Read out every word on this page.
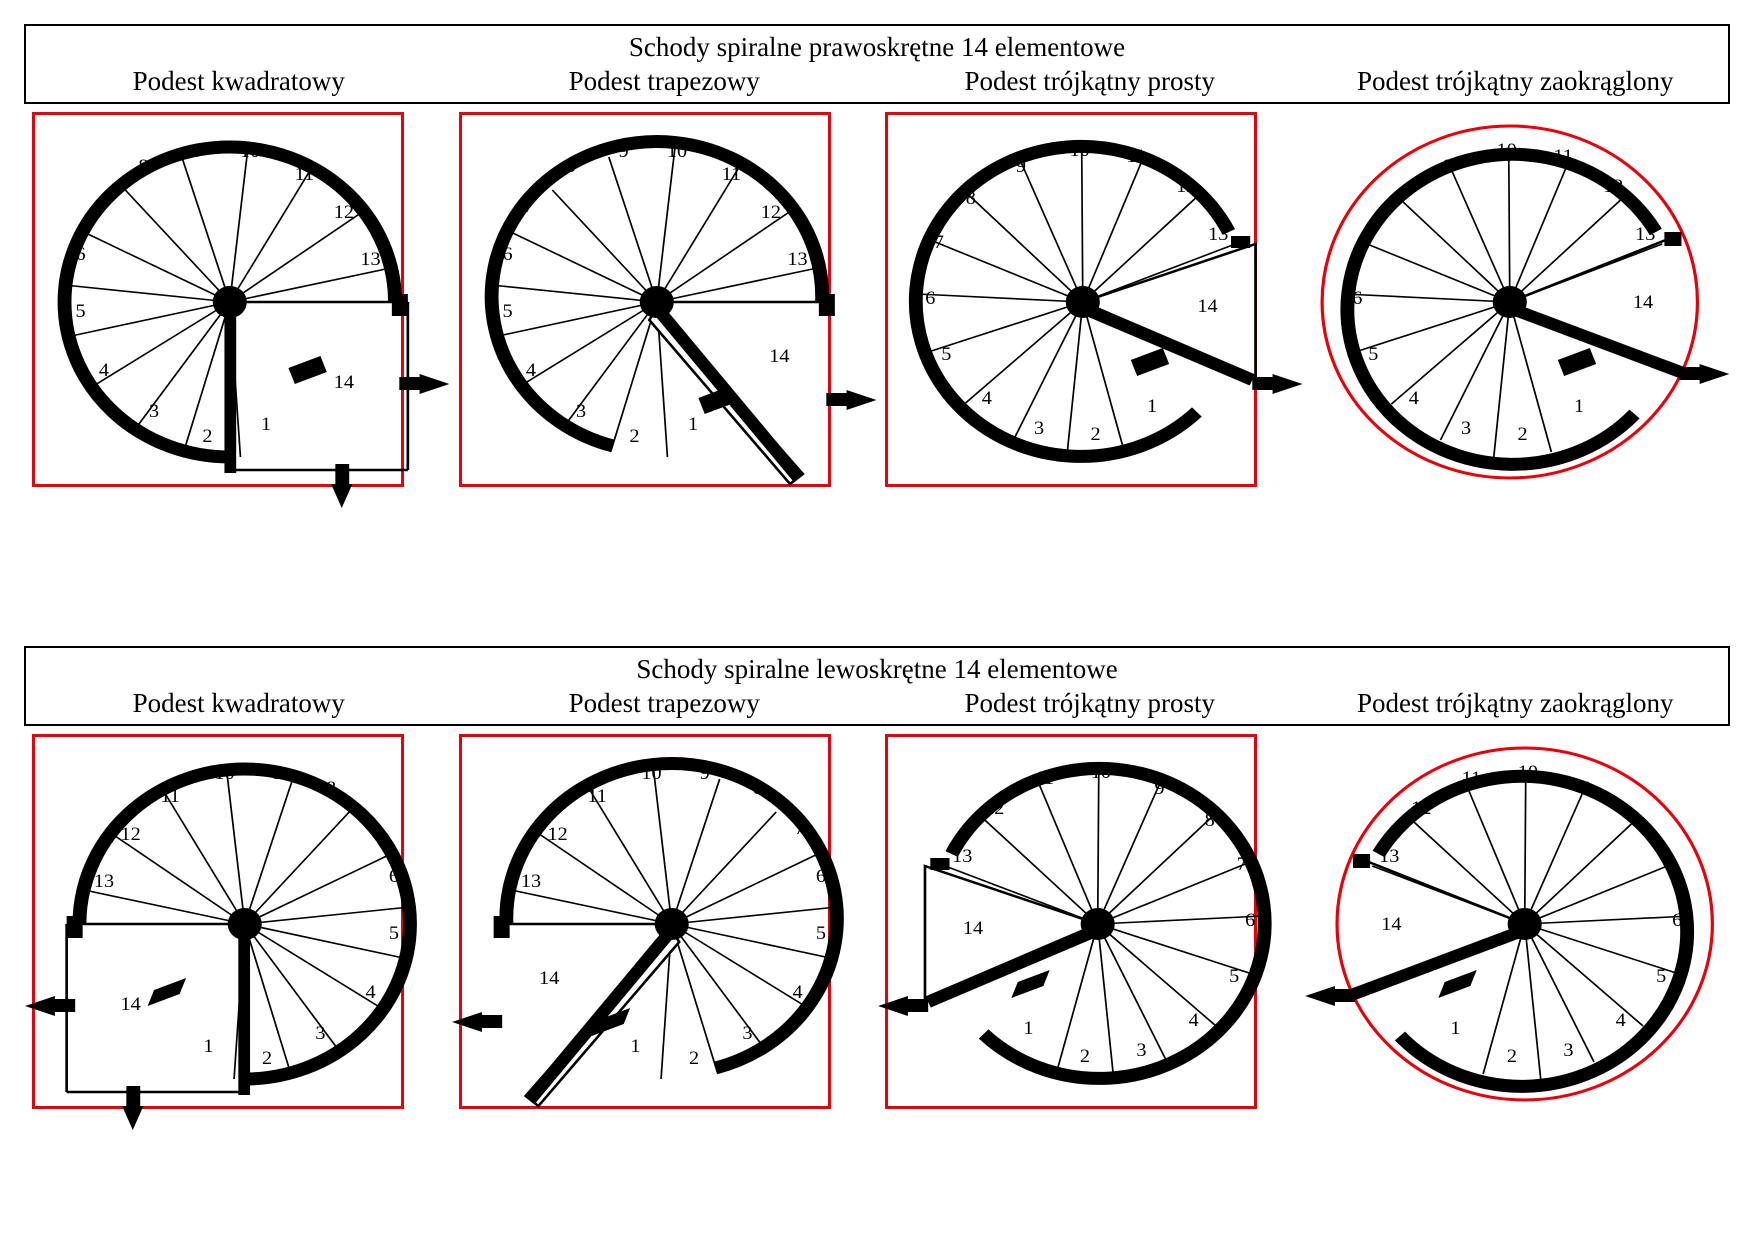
Schody spiralne prawoskrętne 14 elementowe
Podest kwadratowy	Podest trapezowy	Podest trójkątny prosty	Podest trójkątny zaokrąglony
1
2
3
4
5
6
7
8
9 10
11
12
13
14
1
2
3
4
5
6
7
8
9 10
11
12
13
14
1
2
3
4
5
6
7
8
9
10 11
12
13
14
1
2
3
4
5
6
7
8
9
10 11
12
13
14
Schody spiralne lewoskrętne 14 elementowe
Podest kwadratowy	Podest trapezowy	Podest trójkątny prosty	Podest trójkątny zaokrąglony
1
2
3
4
5
6
7
8
9
10
11
12
13
14
1
2
3
4
5
6
7
8
9
10
11
12
13
14
1
2 3
4
5
6
7
8
9
10
11
12
13
14
1
2 3
4
5
6
7
8
9
10
11
12
13
14
